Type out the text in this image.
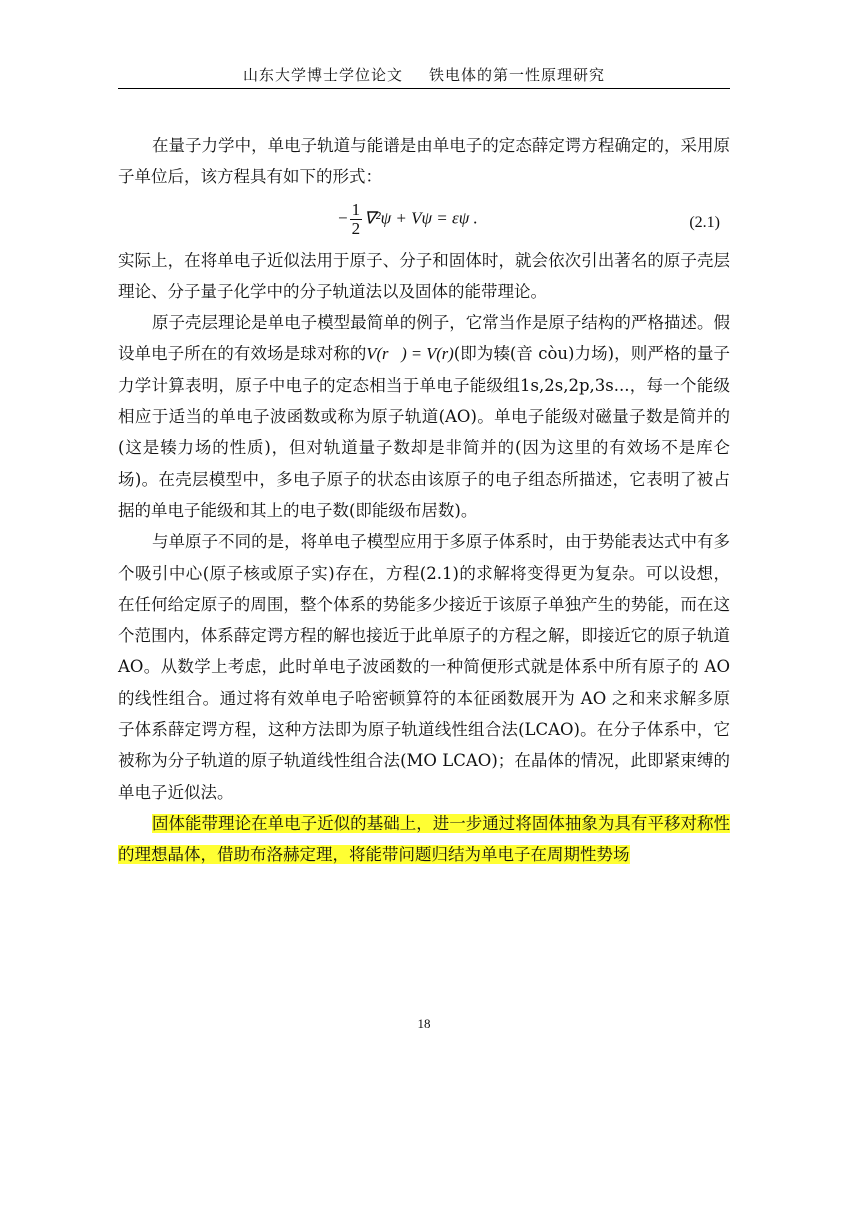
山东大学博士学位论文 铁电体的第一性原理研究

在量子力学中，单电子轨道与能谱是由单电子的定态薛定谔方程确定的，采用原子单位后，该方程具有如下的形式：

− $\frac{1}{2} \nabla^2\psi + V\psi = \varepsilon\psi$ .	(2.1)

实际上，在将单电子近似法用于原子、分子和固体时，就会依次引出著名的原子壳层理论、分子量子化学中的分子轨道法以及固体的能带理论。

原子壳层理论是单电子模型最简单的例子，它常当作是原子结构的严格描述。假设单电子所在的有效场是球对称的V(r⃗) = V(r)(即为辏(音 còu)力场)，则严格的量子力学计算表明，原子中电子的定态相当于单电子能级组1s,2s,2p,3s...，每一个能级相应于适当的单电子波函数或称为原子轨道(AO)。单电子能级对磁量子数是简并的(这是辏力场的性质)，但对轨道量子数却是非简并的(因为这里的有效场不是库仑场)。在壳层模型中，多电子原子的状态由该原子的电子组态所描述，它表明了被占据的单电子能级和其上的电子数(即能级布居数)。

与单原子不同的是，将单电子模型应用于多原子体系时，由于势能表达式中有多个吸引中心(原子核或原子实)存在，方程(2.1)的求解将变得更为复杂。可以设想，在任何给定原子的周围，整个体系的势能多少接近于该原子单独产生的势能，而在这个范围内，体系薛定谔方程的解也接近于此单原子的方程之解，即接近它的原子轨道 AO。从数学上考虑，此时单电子波函数的一种简便形式就是体系中所有原子的 AO 的线性组合。通过将有效单电子哈密顿算符的本征函数展开为 AO 之和来求解多原子体系薛定谔方程，这种方法即为原子轨道线性组合法(LCAO)。在分子体系中，它被称为分子轨道的原子轨道线性组合法(MO LCAO)；在晶体的情况，此即紧束缚的单电子近似法。

固体能带理论在单电子近似的基础上，进一步通过将固体抽象为具有平移对称性的理想晶体，借助布洛赫定理，将能带问题归结为单电子在周期性势场

18
